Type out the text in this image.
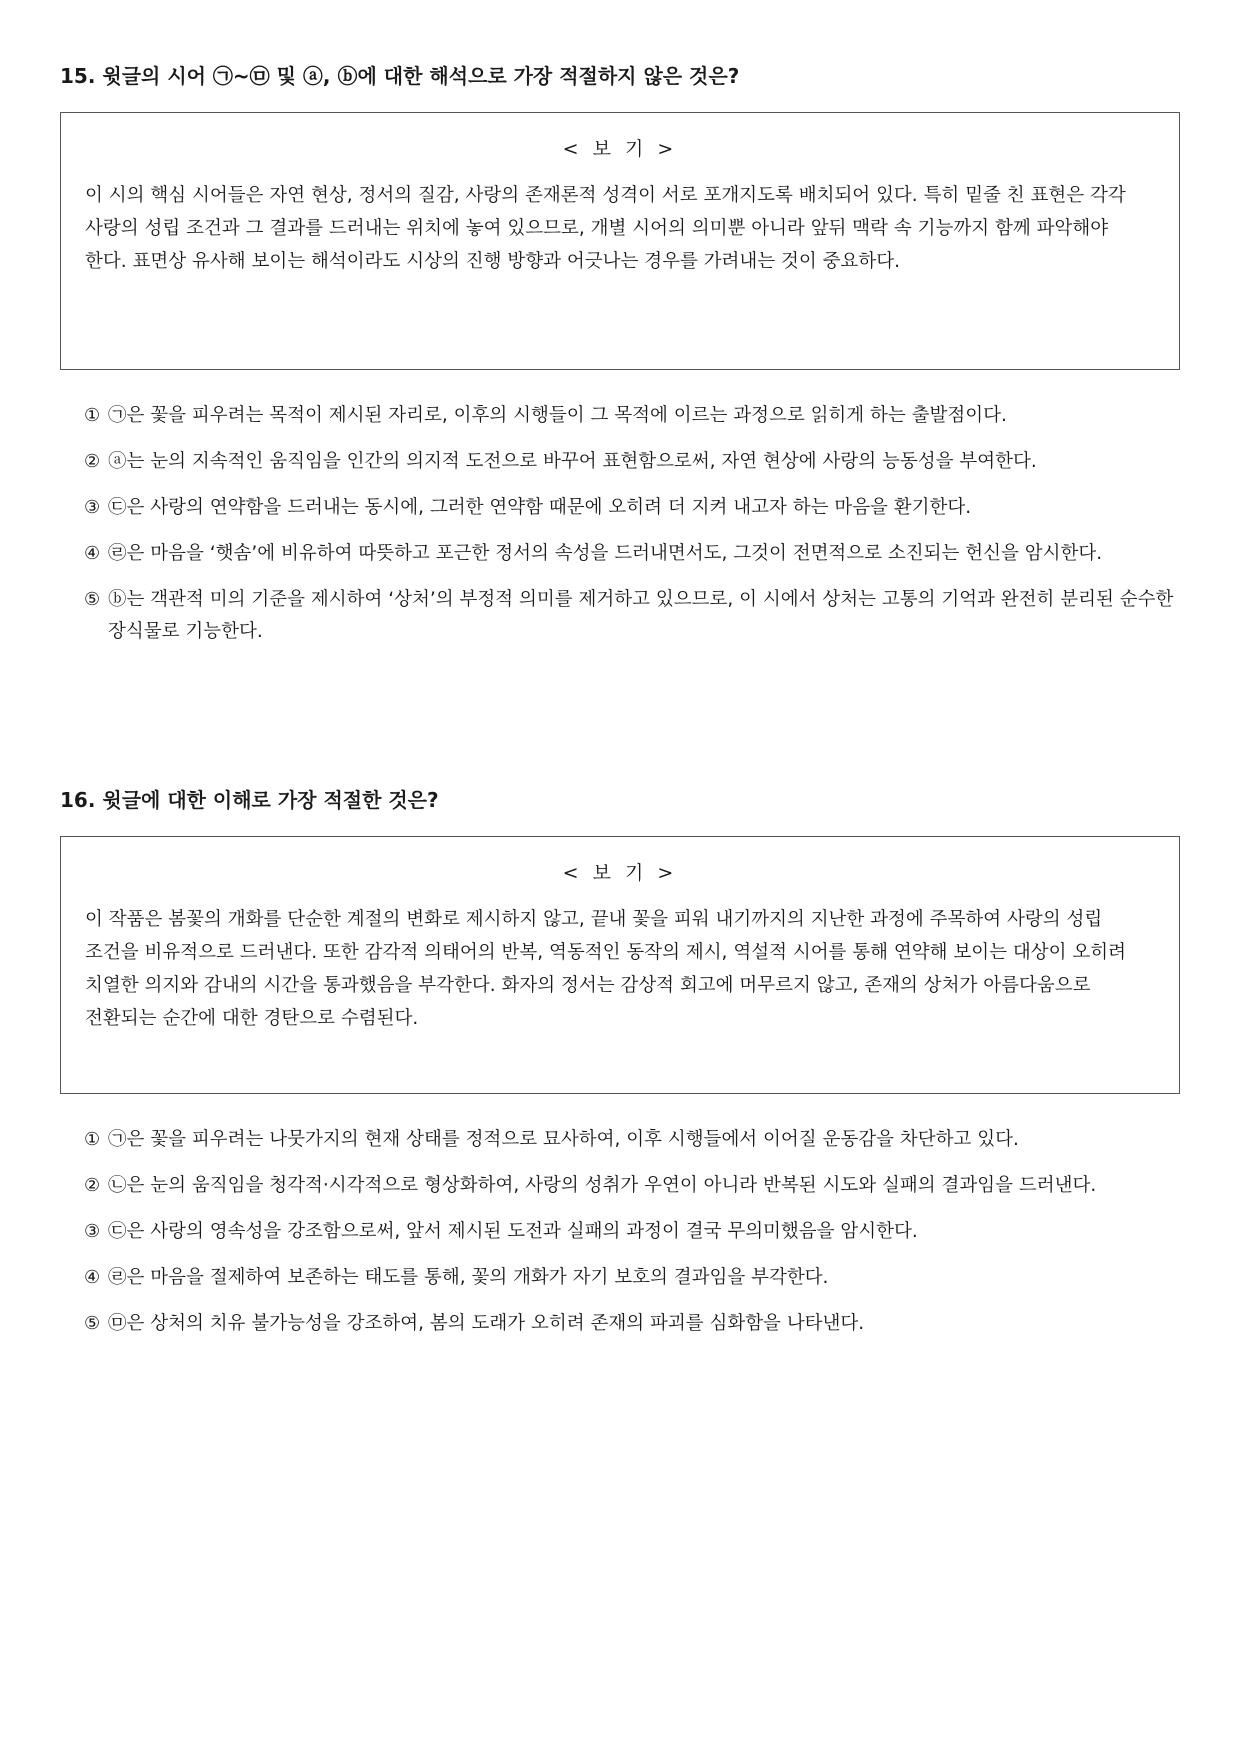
15. 윗글의 시어 ㉠~㉤ 및 ⓐ, ⓑ에 대한 해석으로 가장 적절하지 않은 것은?
< 보 기 >

이 시의 핵심 시어들은 자연 현상, 정서의 질감, 사랑의 존재론적 성격이 서로 포개지도록 배치되어 있다. 특히 밑줄 친 표현은 각각 사랑의 성립 조건과 그 결과를 드러내는 위치에 놓여 있으므로, 개별 시어의 의미뿐 아니라 앞뒤 맥락 속 기능까지 함께 파악해야 한다. 표면상 유사해 보이는 해석이라도 시상의 진행 방향과 어긋나는 경우를 가려내는 것이 중요하다.

① ㉠은 꽃을 피우려는 목적이 제시된 자리로, 이후의 시행들이 그 목적에 이르는 과정으로 읽히게 하는 출발점이다.
② ⓐ는 눈의 지속적인 움직임을 인간의 의지적 도전으로 바꾸어 표현함으로써, 자연 현상에 사랑의 능동성을 부여한다.
③ ㉢은 사랑의 연약함을 드러내는 동시에, 그러한 연약함 때문에 오히려 더 지켜 내고자 하는 마음을 환기한다.
④ ㉣은 마음을 ‘햇솜’에 비유하여 따뜻하고 포근한 정서의 속성을 드러내면서도, 그것이 전면적으로 소진되는 헌신을 암시한다.
⑤ ⓑ는 객관적 미의 기준을 제시하여 ‘상처’의 부정적 의미를 제거하고 있으므로, 이 시에서 상처는 고통의 기억과 완전히 분리된 순수한 장식물로 기능한다.
16. 윗글에 대한 이해로 가장 적절한 것은?
< 보 기 >

이 작품은 봄꽃의 개화를 단순한 계절의 변화로 제시하지 않고, 끝내 꽃을 피워 내기까지의 지난한 과정에 주목하여 사랑의 성립 조건을 비유적으로 드러낸다. 또한 감각적 의태어의 반복, 역동적인 동작의 제시, 역설적 시어를 통해 연약해 보이는 대상이 오히려 치열한 의지와 감내의 시간을 통과했음을 부각한다. 화자의 정서는 감상적 회고에 머무르지 않고, 존재의 상처가 아름다움으로 전환되는 순간에 대한 경탄으로 수렴된다.

① ㉠은 꽃을 피우려는 나뭇가지의 현재 상태를 정적으로 묘사하여, 이후 시행들에서 이어질 운동감을 차단하고 있다.
② ㉡은 눈의 움직임을 청각적·시각적으로 형상화하여, 사랑의 성취가 우연이 아니라 반복된 시도와 실패의 결과임을 드러낸다.
③ ㉢은 사랑의 영속성을 강조함으로써, 앞서 제시된 도전과 실패의 과정이 결국 무의미했음을 암시한다.
④ ㉣은 마음을 절제하여 보존하는 태도를 통해, 꽃의 개화가 자기 보호의 결과임을 부각한다.
⑤ ㉤은 상처의 치유 불가능성을 강조하여, 봄의 도래가 오히려 존재의 파괴를 심화함을 나타낸다.
